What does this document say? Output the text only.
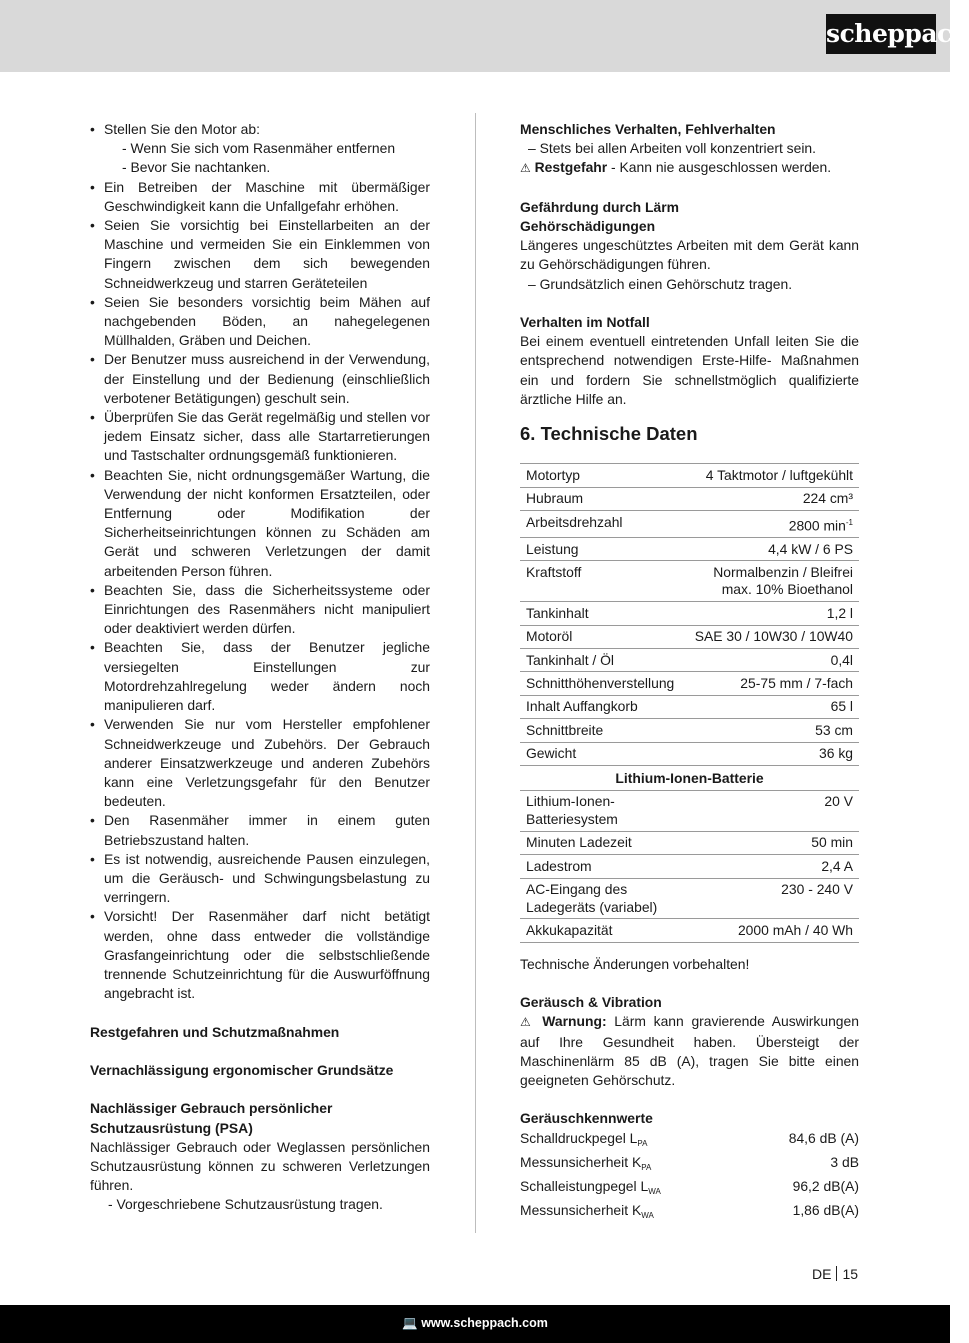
scheppach
• Stellen Sie den Motor ab:
- Wenn Sie sich vom Rasenmäher entfernen
- Bevor Sie nachtanken.
• Ein Betreiben der Maschine mit übermäßiger Geschwindigkeit kann die Unfallgefahr erhöhen.
• Seien Sie vorsichtig bei Einstellarbeiten an der Maschine und vermeiden Sie ein Einklemmen von Fingern zwischen dem sich bewegenden Schneidwerkzeug und starren Geräteteilen
• Seien Sie besonders vorsichtig beim Mähen auf nachgebenden Böden, an nahegelegenen Müllhalden, Gräben und Deichen.
• Der Benutzer muss ausreichend in der Verwendung, der Einstellung und der Bedienung (einschließlich verbotener Betätigungen) geschult sein.
• Überprüfen Sie das Gerät regelmäßig und stellen vor jedem Einsatz sicher, dass alle Startarretierungen und Tastschalter ordnungsgemäß funktionieren.
• Beachten Sie, nicht ordnungsgemäßer Wartung, die Verwendung der nicht konformen Ersatzteilen, oder Entfernung oder Modifikation der Sicherheitseinrichtungen können zu Schäden am Gerät und schweren Verletzungen der damit arbeitenden Person führen.
• Beachten Sie, dass die Sicherheitssysteme oder Einrichtungen des Rasenmähers nicht manipuliert oder deaktiviert werden dürfen.
• Beachten Sie, dass der Benutzer jegliche versiegelten Einstellungen zur Motordrehzahlregelung weder ändern noch manipulieren darf.
• Verwenden Sie nur vom Hersteller empfohlener Schneidwerkzeuge und Zubehörs. Der Gebrauch anderer Einsatzwerkzeuge und anderen Zubehörs kann eine Verletzungsgefahr für den Benutzer bedeuten.
• Den Rasenmäher immer in einem guten Betriebszustand halten.
• Es ist notwendig, ausreichende Pausen einzulegen, um die Geräusch- und Schwingungsbelastung zu verringern.
• Vorsicht! Der Rasenmäher darf nicht betätigt werden, ohne dass entweder die vollständige Grasfangeinrichtung oder die selbstschließende trennende Schutzeinrichtung für die Auswurföffnung angebracht ist.
Restgefahren und Schutzmaßnahmen
Vernachlässigung ergonomischer Grundsätze
Nachlässiger Gebrauch persönlicher Schutzausrüstung (PSA)
Nachlässiger Gebrauch oder Weglassen persönlichen Schutzausrüstung können zu schweren Verletzungen führen.
- Vorgeschriebene Schutzausrüstung tragen.
Menschliches Verhalten, Fehlverhalten
– Stets bei allen Arbeiten voll konzentriert sein.
⚠ Restgefahr - Kann nie ausgeschlossen werden.
Gefährdung durch Lärm
Gehörschädigungen
Längeres ungeschütztes Arbeiten mit dem Gerät kann zu Gehörschädigungen führen.
– Grundsätzlich einen Gehörschutz tragen.
Verhalten im Notfall
Bei einem eventuell eintretenden Unfall leiten Sie die entsprechend notwendigen Erste-Hilfe- Maßnahmen ein und fordern Sie schnellstmöglich qualifizierte ärztliche Hilfe an.
6. Technische Daten
Motortyp	4 Taktmotor / luftgekühlt
Hubraum	224 cm³
Arbeitsdrehzahl	2800 $\min^{-1}$
Leistung	4,4 kW / 6 PS
Kraftstoff	Normalbenzin / Bleifrei max. 10% Bioethanol
Tankinhalt	1,2 l
Motoröl	SAE 30 / 10W30 / 10W40
Tankinhalt / Öl	0,4l
Schnitthöhenverstellung	25-75 mm / 7-fach
Inhalt Auffangkorb	65 l
Schnittbreite	53 cm
Gewicht	36 kg
Lithium-Ionen-Batterie	
Lithium-Ionen-Batteriesystem	20 V
Minuten Ladezeit	50 min
Ladestrom	2,4 A
AC-Eingang des Ladegeräts (variabel)	230 - 240 V
Akkukapazität	2000 mAh / 40 Wh
Technische Änderungen vorbehalten!
Geräusch & Vibration
⚠ Warnung: Lärm kann gravierende Auswirkungen auf Ihre Gesundheit haben. Übersteigt der Maschinenlärm 85 dB (A), tragen Sie bitte einen geeigneten Gehörschutz.
Geräuschkennwerte
Schalldruckpegel $L_{PA}$	84,6 dB (A)
Messunsicherheit $K_{PA}$	3 dB
Schalleistungpegel $L_{WA}$	96,2 dB(A)
Messunsicherheit $K_{WA}$	1,86 dB(A)
DE 15
💻 www.scheppach.com
